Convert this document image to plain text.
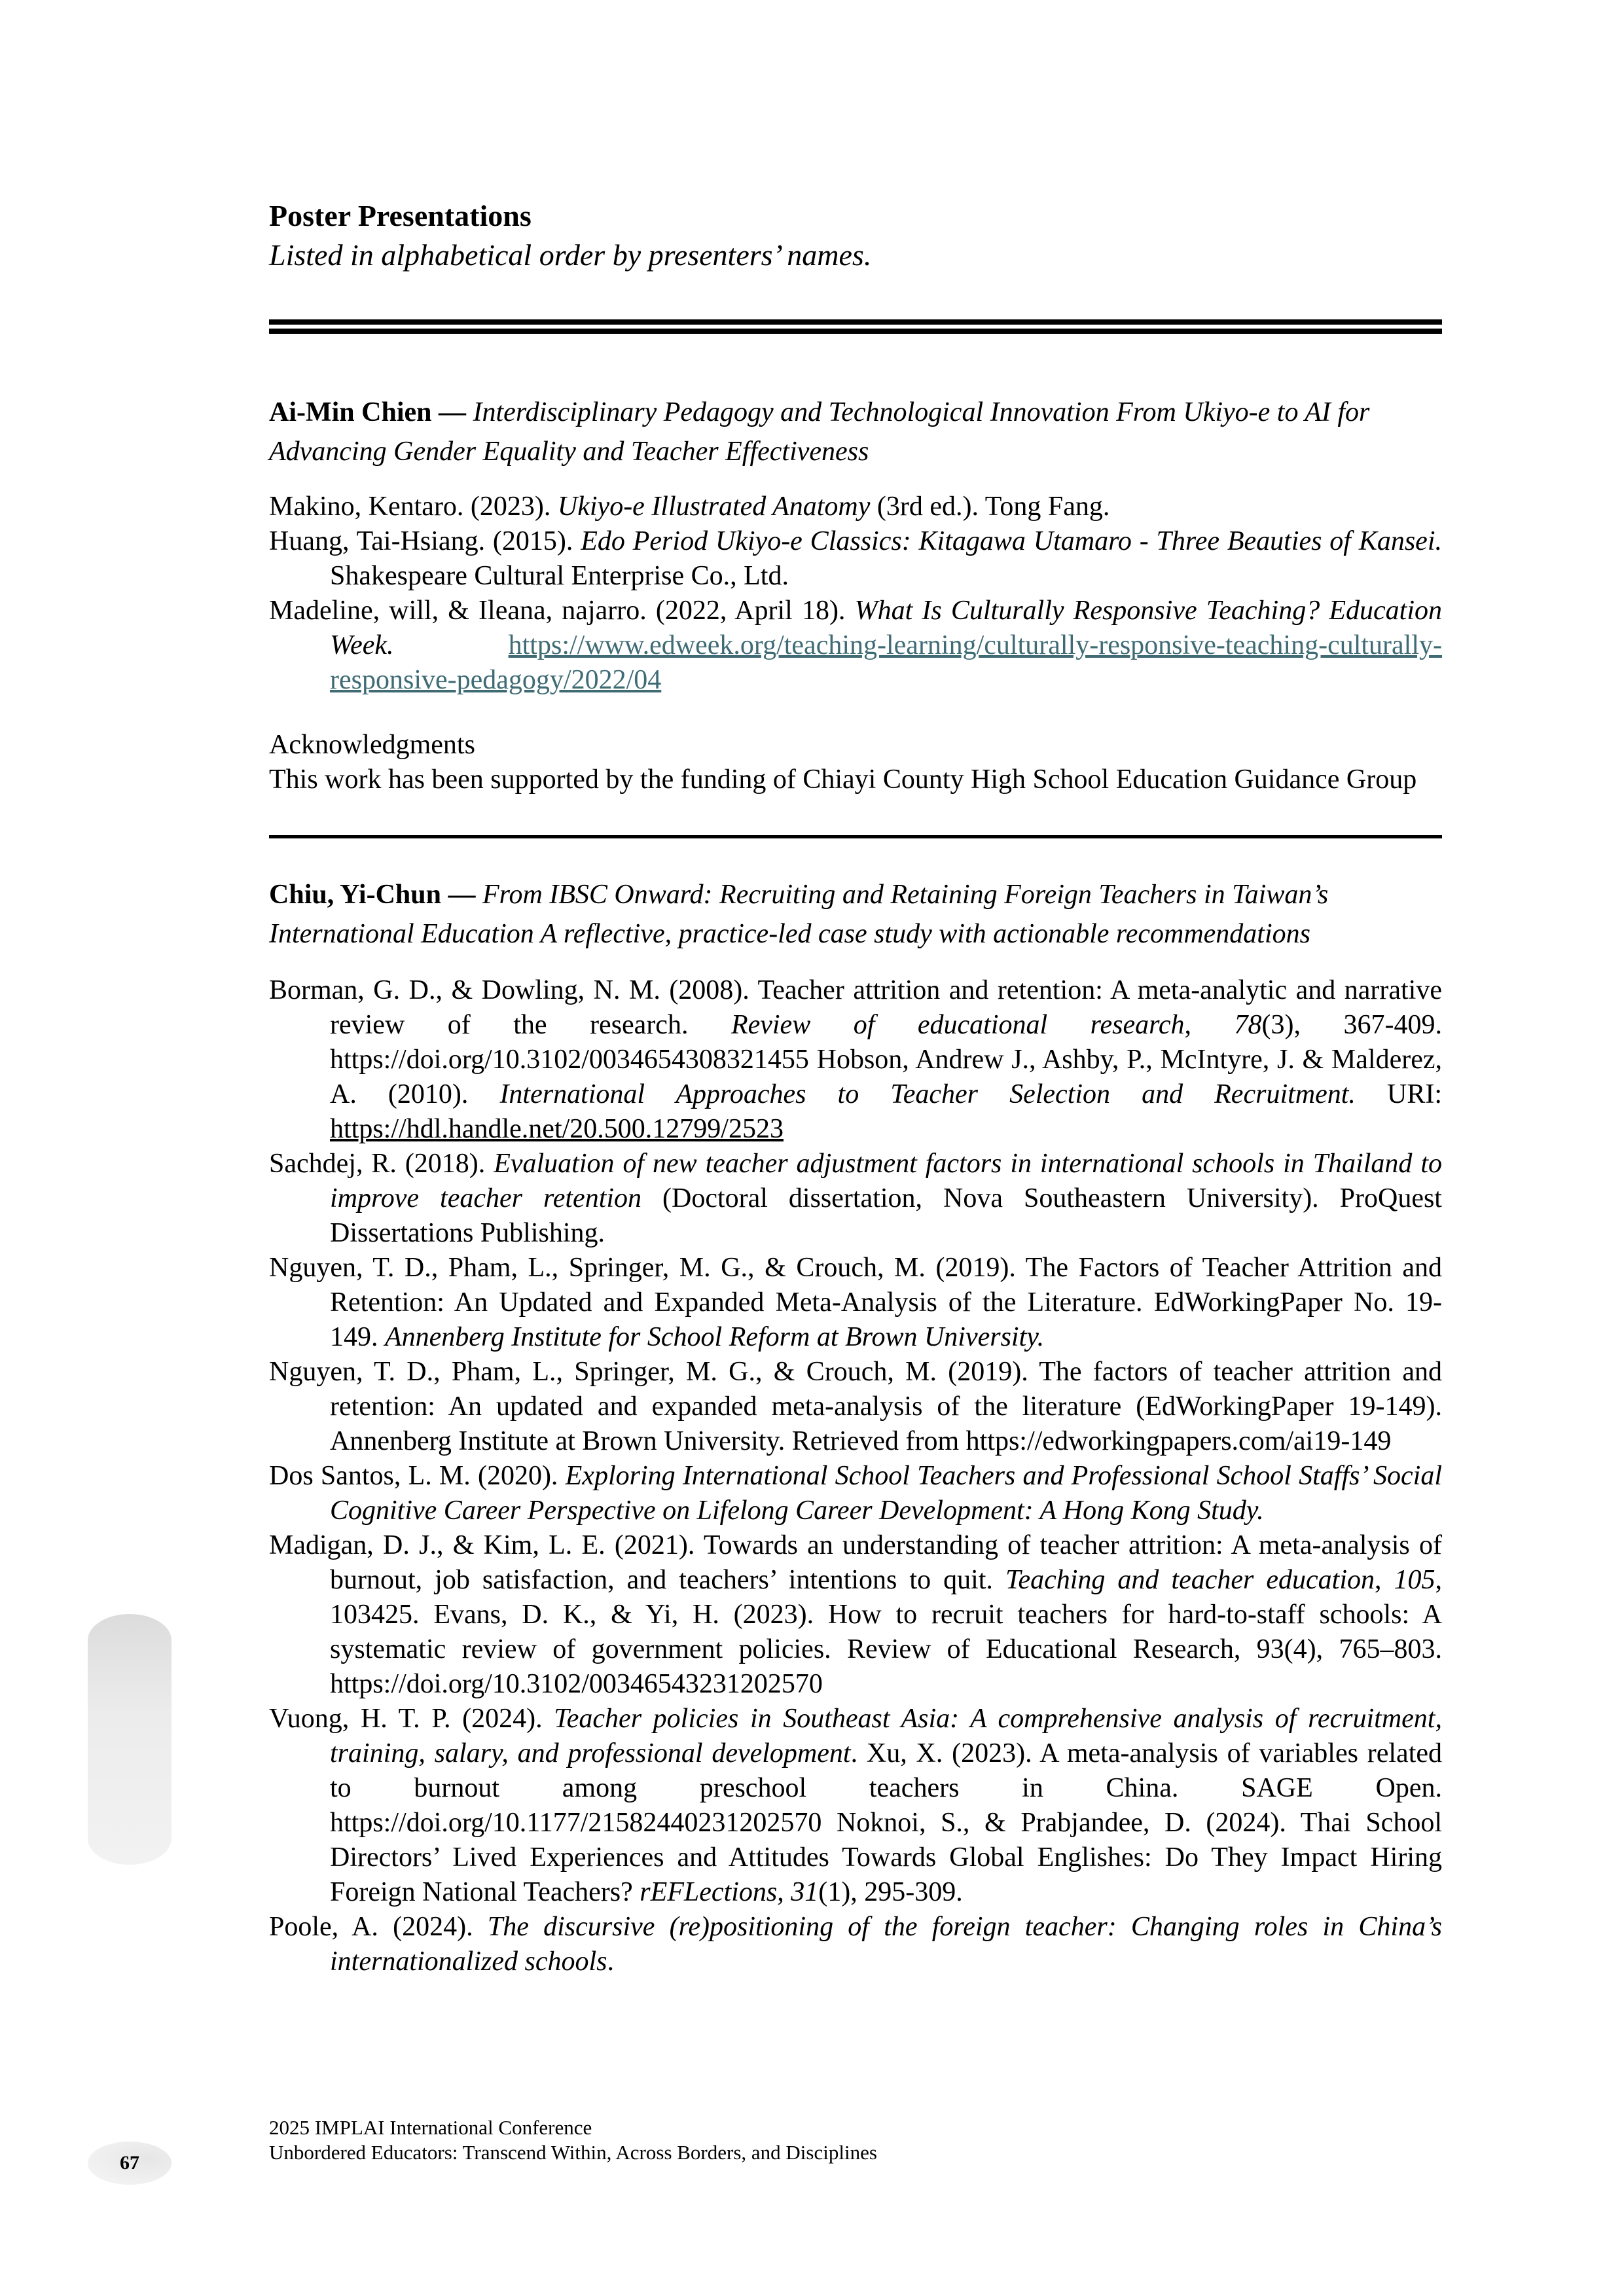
67
Poster Presentations
Listed in alphabetical order by presenters’ names.
Ai-Min Chien — Interdisciplinary Pedagogy and Technological Innovation From Ukiyo-e to AI for Advancing Gender Equality and Teacher Effectiveness
Makino, Kentaro. (2023). Ukiyo-e Illustrated Anatomy (3rd ed.). Tong Fang.
Huang, Tai-Hsiang. (2015). Edo Period Ukiyo-e Classics: Kitagawa Utamaro - Three Beauties of Kansei. Shakespeare Cultural Enterprise Co., Ltd.
Madeline, will, & Ileana, najarro. (2022, April 18). What Is Culturally Responsive Teaching? Education Week.	https://www.edweek.org/teaching-learning/culturally-responsive-teaching-culturally-responsive-pedagogy/2022/04
Acknowledgments
This work has been supported by the funding of Chiayi County High School Education Guidance Group
Chiu, Yi-Chun — From IBSC Onward: Recruiting and Retaining Foreign Teachers in Taiwan’s International Education A reflective, practice-led case study with actionable recommendations
Borman, G. D., & Dowling, N. M. (2008). Teacher attrition and retention: A meta-analytic and narrative review of the research. Review of educational research, 78(3), 367-409. https://doi.org/10.3102/0034654308321455 Hobson, Andrew J., Ashby, P., McIntyre, J. & Malderez, A. (2010). International Approaches to Teacher Selection and Recruitment. URI: https://hdl.handle.net/20.500.12799/2523
Sachdej, R. (2018). Evaluation of new teacher adjustment factors in international schools in Thailand to improve teacher retention (Doctoral dissertation, Nova Southeastern University). ProQuest Dissertations Publishing.
Nguyen, T. D., Pham, L., Springer, M. G., & Crouch, M. (2019). The Factors of Teacher Attrition and Retention: An Updated and Expanded Meta-Analysis of the Literature. EdWorkingPaper No. 19-149. Annenberg Institute for School Reform at Brown University.
Nguyen, T. D., Pham, L., Springer, M. G., & Crouch, M. (2019). The factors of teacher attrition and retention: An updated and expanded meta-analysis of the literature (EdWorkingPaper 19-149). Annenberg Institute at Brown University. Retrieved from https://edworkingpapers.com/ai19-149
Dos Santos, L. M. (2020). Exploring International School Teachers and Professional School Staffs’ Social Cognitive Career Perspective on Lifelong Career Development: A Hong Kong Study.
Madigan, D. J., & Kim, L. E. (2021). Towards an understanding of teacher attrition: A meta-analysis of burnout, job satisfaction, and teachers’ intentions to quit. Teaching and teacher education, 105, 103425. Evans, D. K., & Yi, H. (2023). How to recruit teachers for hard-to-staff schools: A systematic review of government policies. Review of Educational Research, 93(4), 765–803. https://doi.org/10.3102/00346543231202570
Vuong, H. T. P. (2024). Teacher policies in Southeast Asia: A comprehensive analysis of recruitment, training, salary, and professional development. Xu, X. (2023). A meta-analysis of variables related to burnout among preschool teachers in China. SAGE Open. https://doi.org/10.1177/21582440231202570 Noknoi, S., & Prabjandee, D. (2024). Thai School Directors’ Lived Experiences and Attitudes Towards Global Englishes: Do They Impact Hiring Foreign National Teachers? rEFLections, 31(1), 295-309.
Poole, A. (2024). The discursive (re)positioning of the foreign teacher: Changing roles in China’s internationalized schools.
2025 IMPLAI International Conference
Unbordered Educators: Transcend Within, Across Borders, and Disciplines
